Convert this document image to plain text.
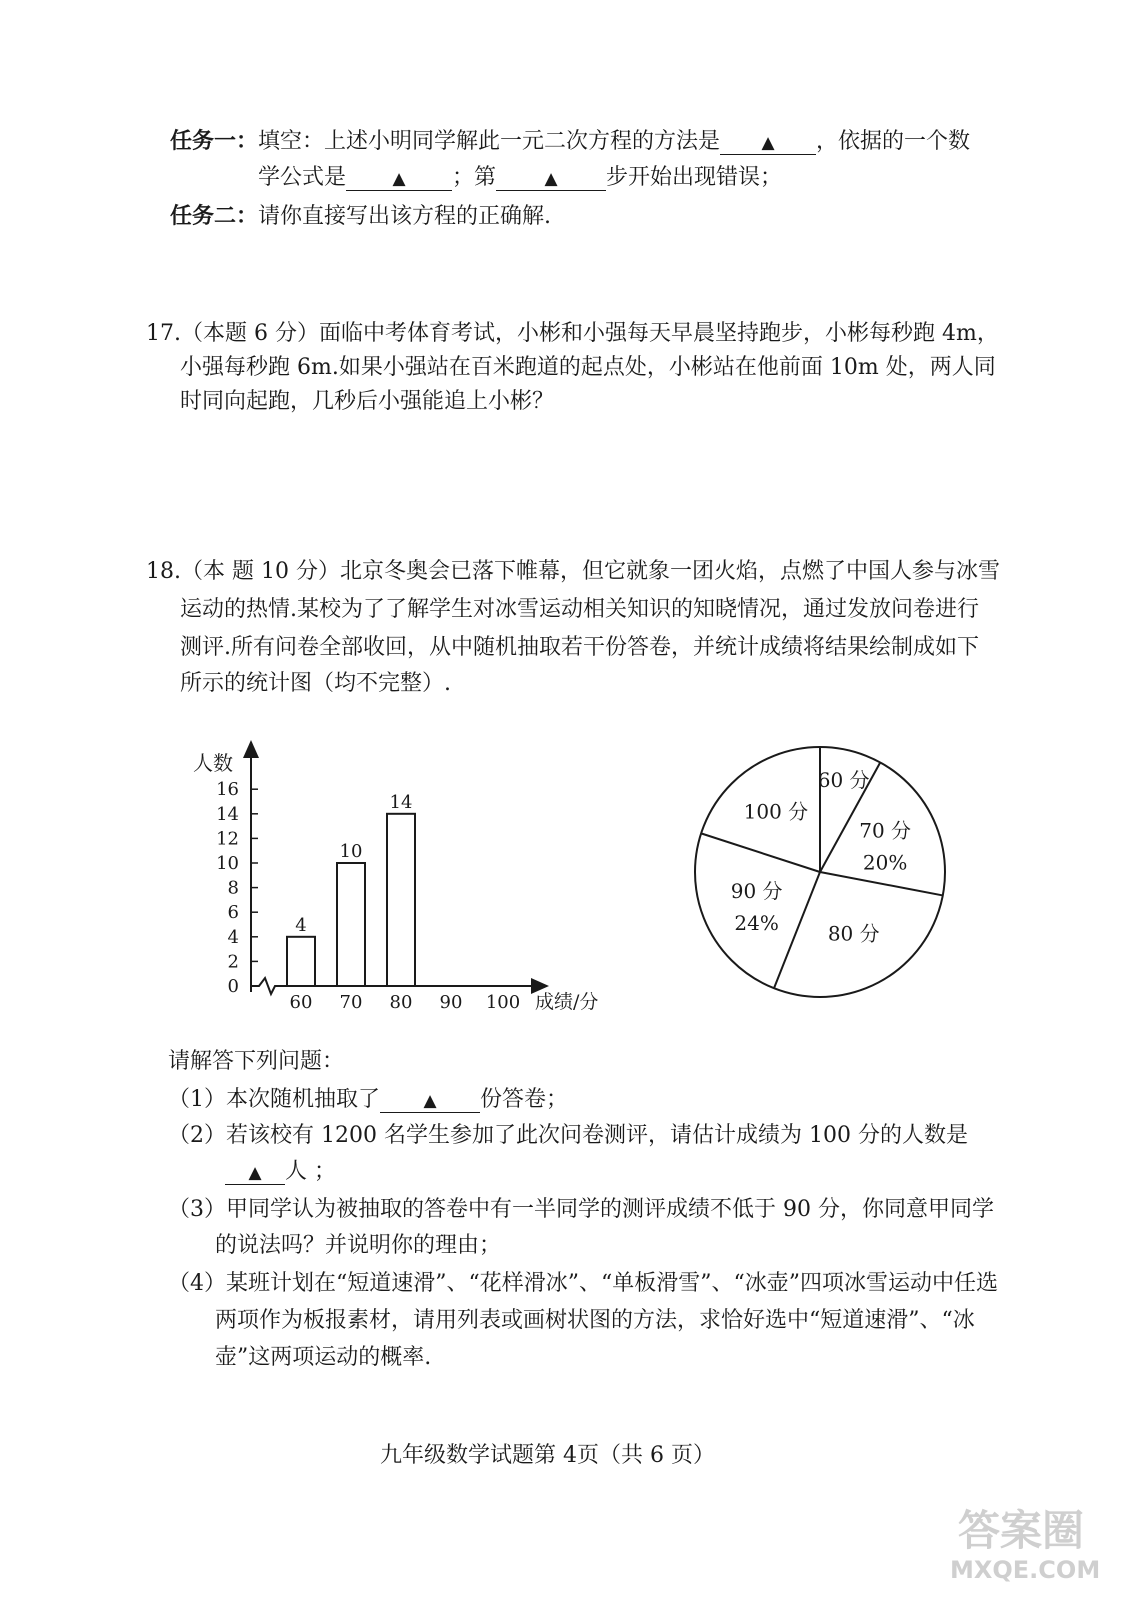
任务一：填空：上述小明同学解此一元二次方程的方法是 ▲ ，依据的一个数
学公式是	▲ ；第	▲ 步开始出现错误；
任务二：请你直接写出该方程的正确解.
17.（本题 6 分）面临中考体育考试，小彬和小强每天早晨坚持跑步，小彬每秒跑 4m，
小强每秒跑 6m.如果小强站在百米跑道的起点处，小彬站在他前面 10m 处，两人同
时同向起跑，几秒后小强能追上小彬？
18.（本 题 10 分）北京冬奥会已落下帷幕，但它就象一团火焰，点燃了中国人参与冰雪
运动的热情.某校为了了解学生对冰雪运动相关知识的知晓情况，通过发放问卷进行
测评.所有问卷全部收回，从中随机抽取若干份答卷，并统计成绩将结果绘制成如下
所示的统计图（均不完整）.
人数
成绩/分
0
2
4
6
8
10
12
14
16
4
10
14
60 70 80 90 100
60 分
70 分
20%
80 分
90 分
24%
100 分
请解答下列问题：
（1）本次随机抽取了	▲ 份答卷；
（2）若该校有 1200 名学生参加了此次问卷测评，请估计成绩为 100 分的人数是
▲ 人 ；
（3）甲同学认为被抽取的答卷中有一半同学的测评成绩不低于 90 分，你同意甲同学
的说法吗？并说明你的理由；
（4）某班计划在“短道速滑”、“花样滑冰”、“单板滑雪”、“冰壶”四项冰雪运动中任选
两项作为板报素材，请用列表或画树状图的方法，求恰好选中“短道速滑”、“冰
壶”这两项运动的概率.
九年级数学试题第 4页（共 6 页）
答案圈
MXQE.COM
